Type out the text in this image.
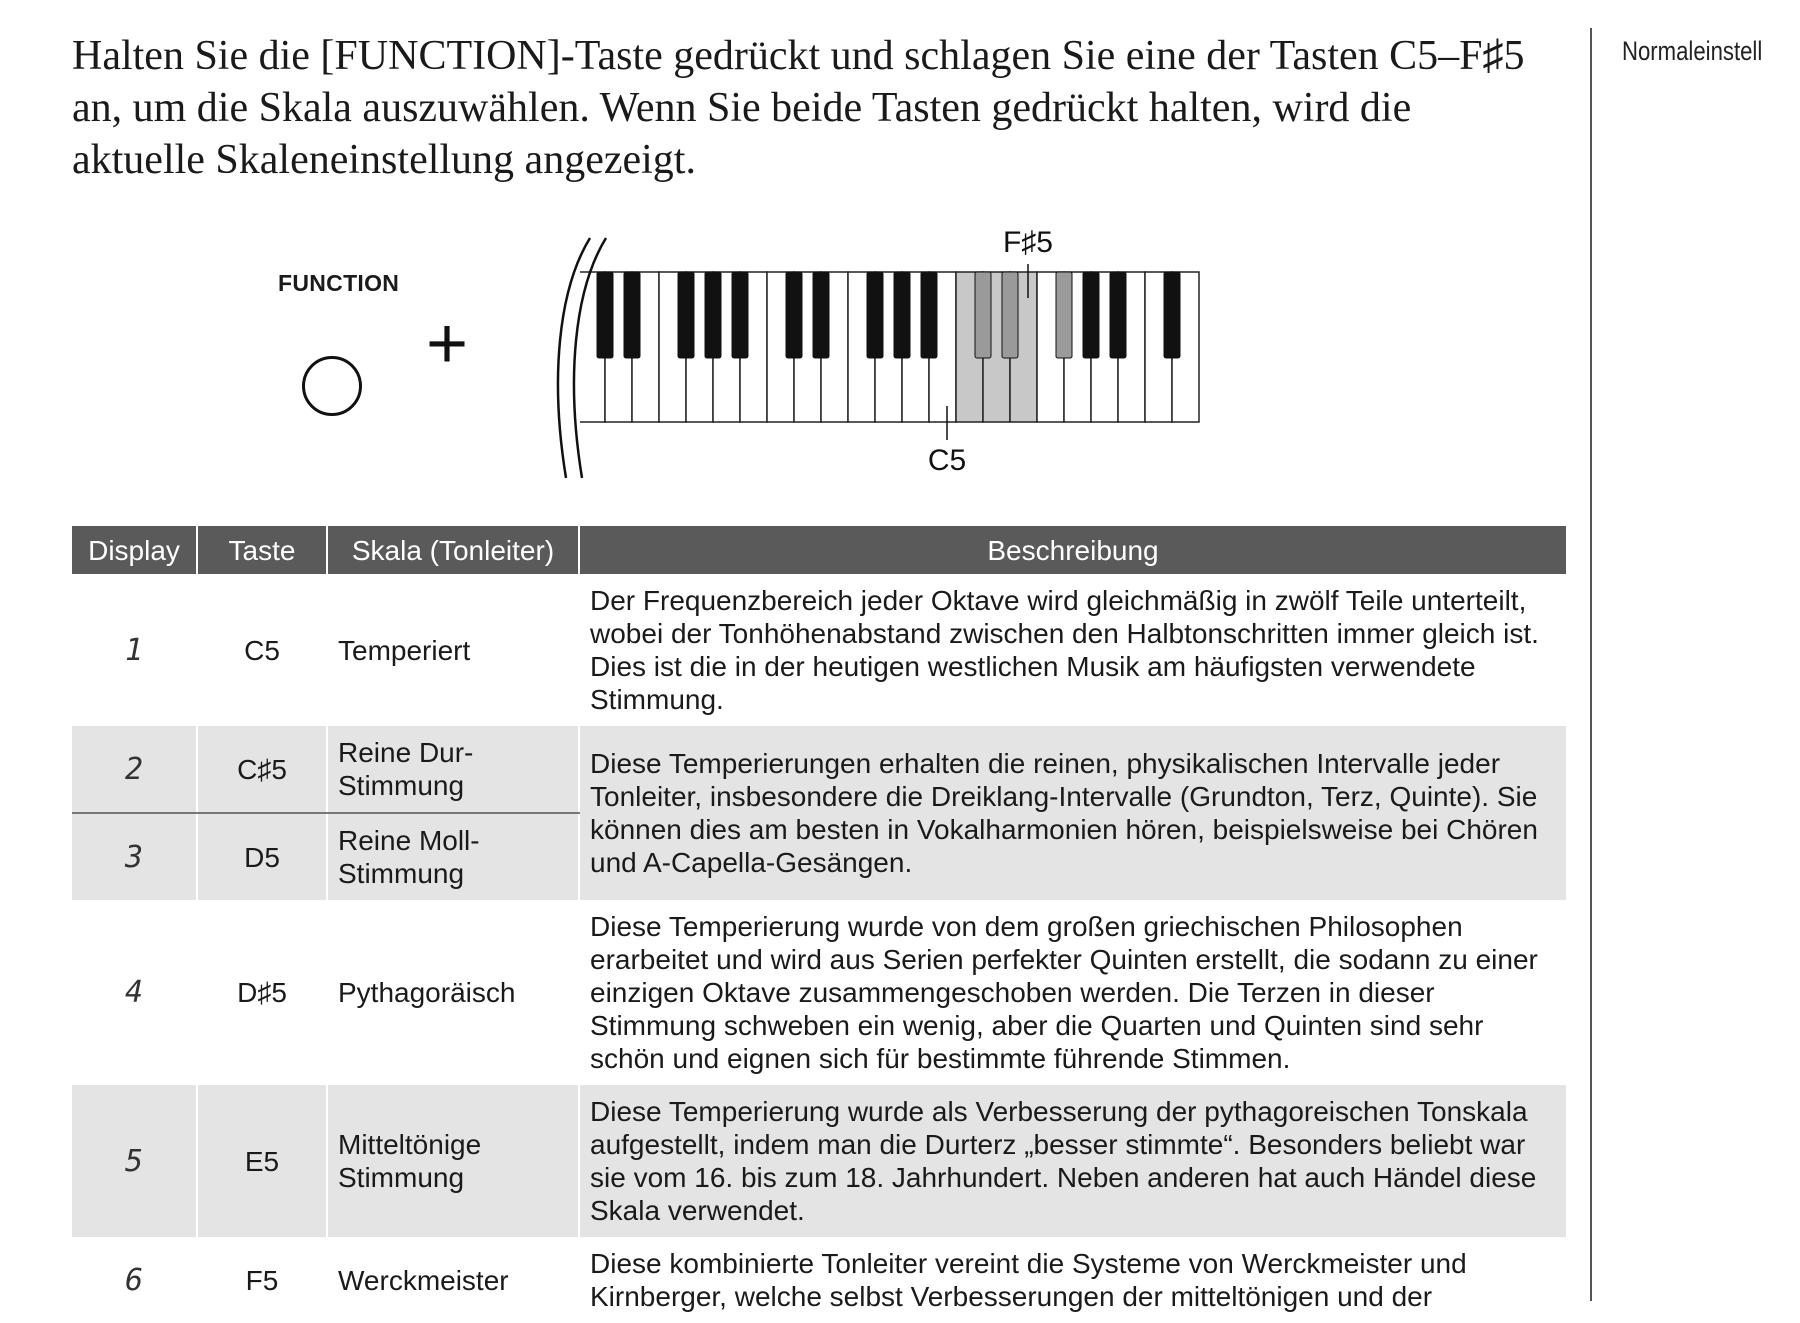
Halten Sie die [FUNCTION]-Taste gedrückt und schlagen Sie eine der Tasten C5–F♯5 an, um die Skala auszuwählen. Wenn Sie beide Tasten gedrückt halten, wird die aktuelle Skaleneinstellung angezeigt.

Normaleinstell
FUNCTION
+
F♯5
C5
Display	Taste	Skala (Tonleiter)	Beschreibung
1	C5	Temperiert	Der Frequenzbereich jeder Oktave wird gleichmäßig in zwölf Teile unterteilt, wobei der Tonhöhenabstand zwischen den Halbtonschritten immer gleich ist. Dies ist die in der heutigen westlichen Musik am häufigsten verwendete Stimmung.
2	C♯5	Reine Dur-Stimmung	Diese Temperierungen erhalten die reinen, physikalischen Intervalle jeder Tonleiter, insbesondere die Dreiklang-Intervalle (Grundton, Terz, Quinte). Sie können dies am besten in Vokalharmonien hören, beispielsweise bei Chören und A-Capella-Gesängen.
3	D5	Reine Moll-Stimmung	
4	D♯5	Pythagoräisch	Diese Temperierung wurde von dem großen griechischen Philosophen erarbeitet und wird aus Serien perfekter Quinten erstellt, die sodann zu einer einzigen Oktave zusammengeschoben werden. Die Terzen in dieser Stimmung schweben ein wenig, aber die Quarten und Quinten sind sehr schön und eignen sich für bestimmte führende Stimmen.
5	E5	Mitteltönige Stimmung	Diese Temperierung wurde als Verbesserung der pythagoreischen Tonskala aufgestellt, indem man die Durterz „besser stimmte“. Besonders beliebt war sie vom 16. bis zum 18. Jahrhundert. Neben anderen hat auch Händel diese Skala verwendet.
6	F5	Werckmeister	Diese kombinierte Tonleiter vereint die Systeme von Werckmeister und Kirnberger, welche selbst Verbesserungen der mitteltönigen und der
